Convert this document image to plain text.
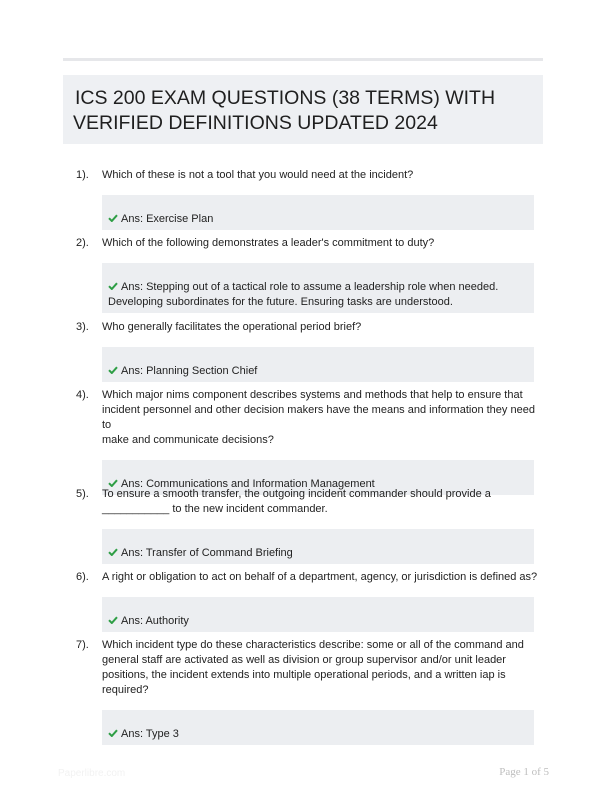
ICS 200 EXAM QUESTIONS (38 TERMS) WITH
VERIFIED DEFINITIONS UPDATED 2024
1). Which of these is not a tool that you would need at the incident?

Ans: Exercise Plan

2). Which of the following demonstrates a leader's commitment to duty?

Ans: Stepping out of a tactical role to assume a leadership role when needed.
Developing subordinates for the future. Ensuring tasks are understood.

3). Who generally facilitates the operational period brief?

Ans: Planning Section Chief

4). Which major nims component describes systems and methods that help to ensure that
incident personnel and other decision makers have the means and information they need to
make and communicate decisions?

Ans: Communications and Information Management

5). To ensure a smooth transfer, the outgoing incident commander should provide a
___________ to the new incident commander.

Ans: Transfer of Command Briefing

6). A right or obligation to act on behalf of a department, agency, or jurisdiction is defined as?

Ans: Authority

7). Which incident type do these characteristics describe: some or all of the command and
general staff are activated as well as division or group supervisor and/or unit leader
positions, the incident extends into multiple operational periods, and a written iap is
required?

Ans: Type 3

Paperlibre.com	Page 1 of 5
